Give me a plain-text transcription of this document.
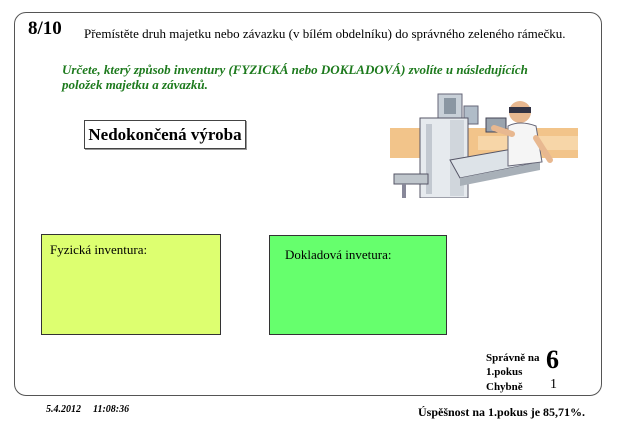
8/10 Přemístěte druh majetku nebo závazku (v bílém obdelníku) do správného zeleného rámečku.
Určete, který způsob inventury (FYZICKÁ nebo DOKLADOVÁ) zvolíte u následujících položek majetku a závazků.
Nedokončená výroba
Fyzická inventura:	Dokladová invetura:
Správně na 1.pokus 6
Chybně 1
5.4.2012 11:08:36	Úspěšnost na 1.pokus je 85,71%.
